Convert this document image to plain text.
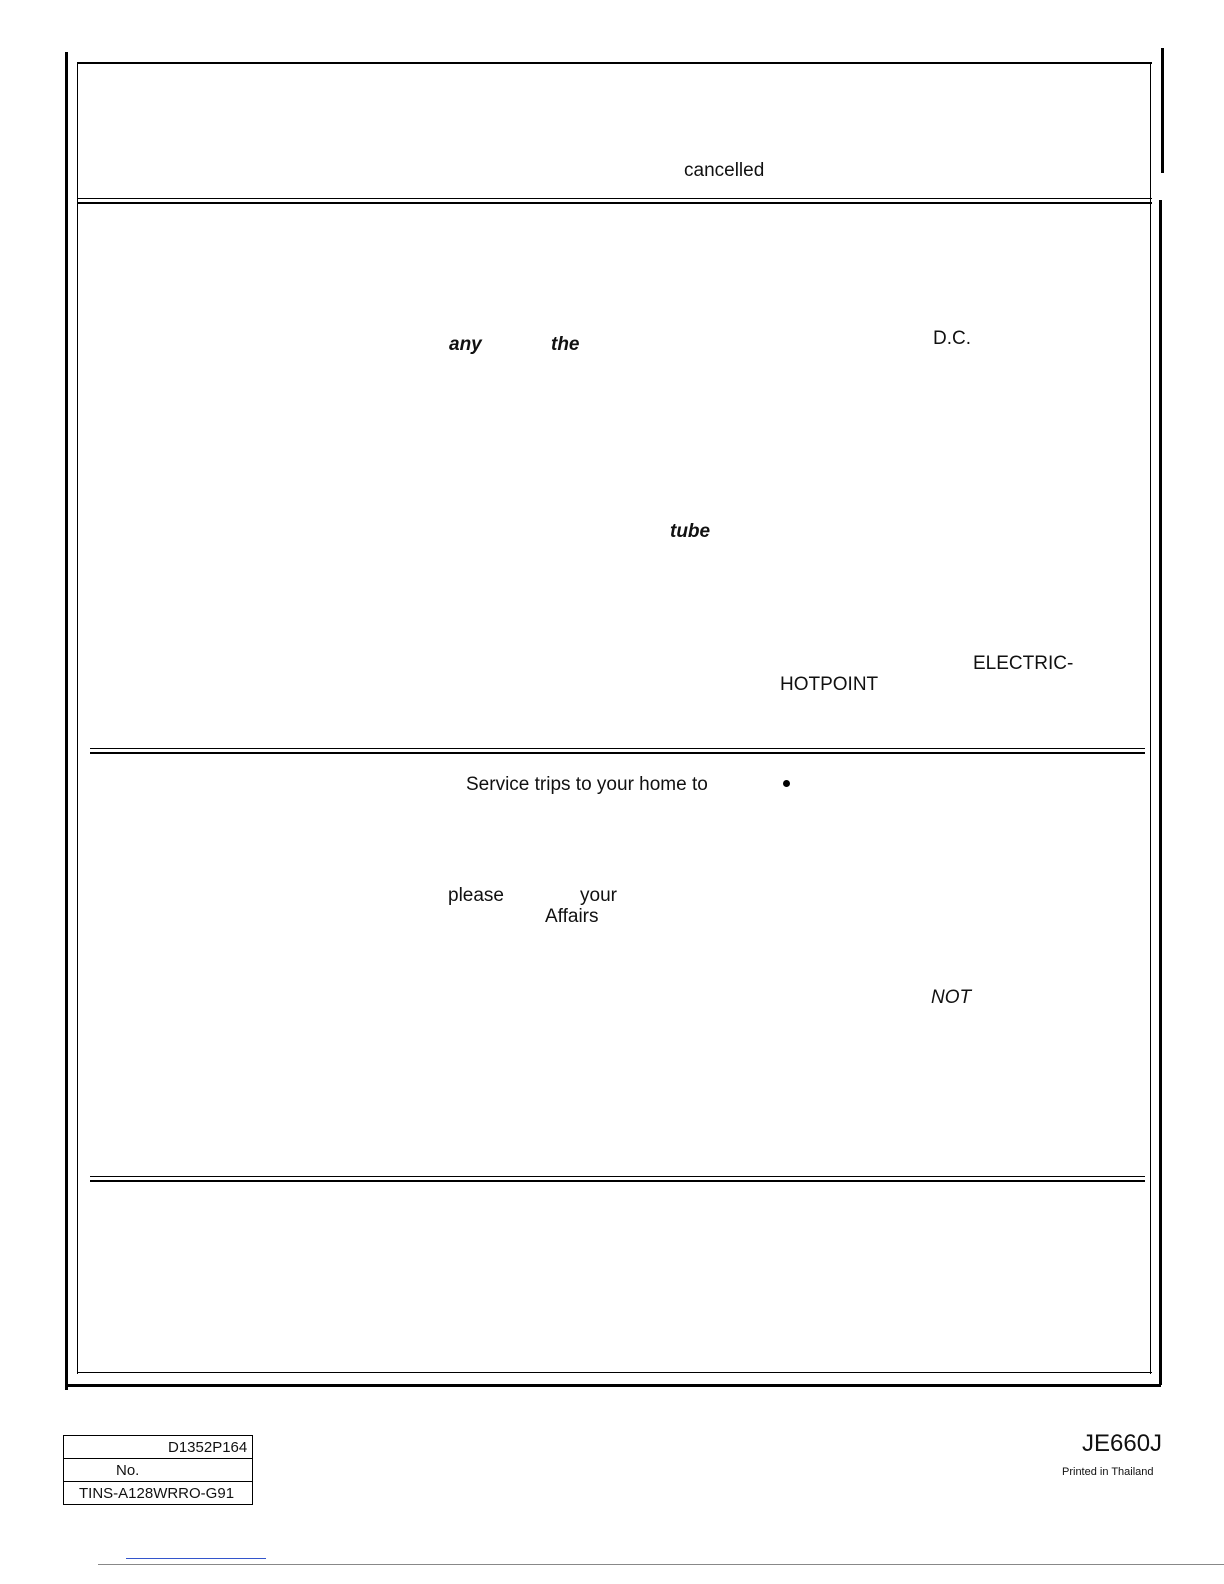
cancelled
any	the	D.C.
tube
ELECTRIC-
HOTPOINT
Service trips to your home to
please	your
Affairs
NOT
D1352P164
No.
TINS-A128WRRO-G91
JE660J
Printed in Thailand
